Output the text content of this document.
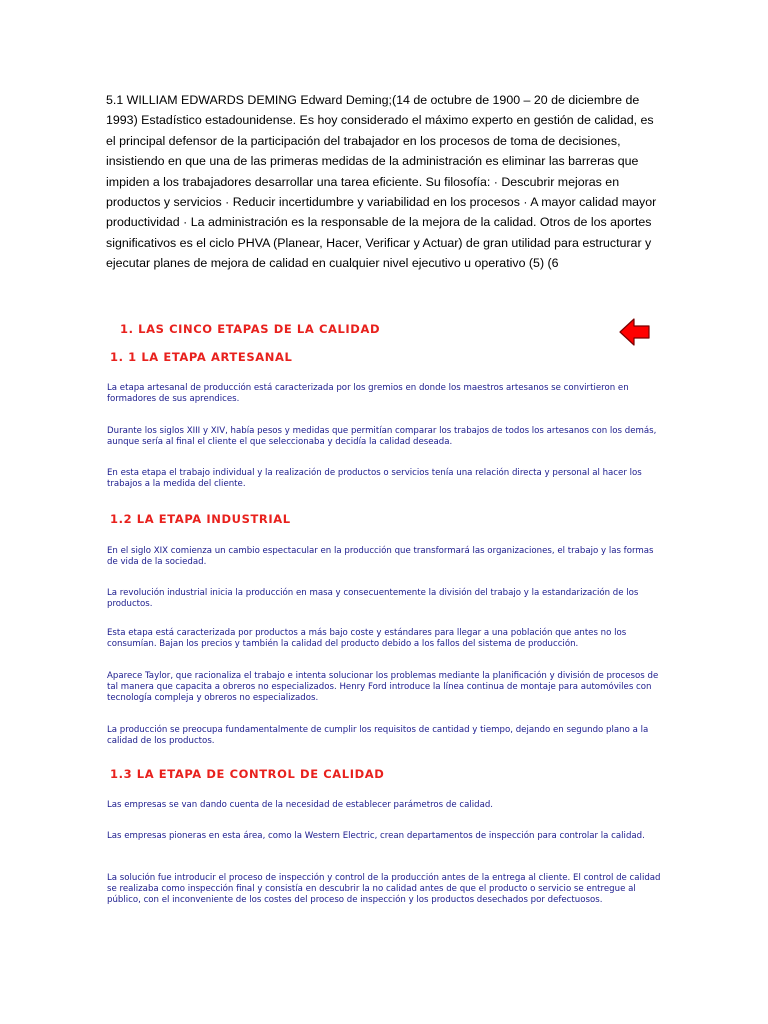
5.1 WILLIAM EDWARDS DEMING Edward Deming;(14 de octubre de 1900 – 20 de diciembre de 1993) Estadístico estadounidense. Es hoy considerado el máximo experto en gestión de calidad, es el principal defensor de la participación del trabajador en los procesos de toma de decisiones, insistiendo en que una de las primeras medidas de la administración es eliminar las barreras que impiden a los trabajadores desarrollar una tarea eficiente. Su filosofía: · Descubrir mejoras en productos y servicios · Reducir incertidumbre y variabilidad en los procesos · A mayor calidad mayor productividad · La administración es la responsable de la mejora de la calidad. Otros de los aportes significativos es el ciclo PHVA (Planear, Hacer, Verificar y Actuar) de gran utilidad para estructurar y ejecutar planes de mejora de calidad en cualquier nivel ejecutivo u operativo (5) (6

1. LAS CINCO ETAPAS DE LA CALIDAD
1. 1 LA ETAPA ARTESANAL

La etapa artesanal de producción está caracterizada por los gremios en donde los maestros artesanos se convirtieron en formadores de sus aprendices.

Durante los siglos XIII y XIV, había pesos y medidas que permitían comparar los trabajos de todos los artesanos con los demás, aunque sería al final el cliente el que seleccionaba y decidía la calidad deseada.

En esta etapa el trabajo individual y la realización de productos o servicios tenía una relación directa y personal al hacer los trabajos a la medida del cliente.

1.2 LA ETAPA INDUSTRIAL

En el siglo XIX comienza un cambio espectacular en la producción que transformará las organizaciones, el trabajo y las formas de vida de la sociedad.

La revolución industrial inicia la producción en masa y consecuentemente la división del trabajo y la estandarización de los productos.

Esta etapa está caracterizada por productos a más bajo coste y estándares para llegar a una población que antes no los consumían. Bajan los precios y también la calidad del producto debido a los fallos del sistema de producción.

Aparece Taylor, que racionaliza el trabajo e intenta solucionar los problemas mediante la planificación y división de procesos de tal manera que capacita a obreros no especializados. Henry Ford introduce la línea continua de montaje para automóviles con tecnología compleja y obreros no especializados.

La producción se preocupa fundamentalmente de cumplir los requisitos de cantidad y tiempo, dejando en segundo plano a la calidad de los productos.

1.3 LA ETAPA DE CONTROL DE CALIDAD

Las empresas se van dando cuenta de la necesidad de establecer parámetros de calidad.

Las empresas pioneras en esta área, como la Western Electric, crean departamentos de inspección para controlar la calidad.

La solución fue introducir el proceso de inspección y control de la producción antes de la entrega al cliente. El control de calidad se realizaba como inspección final y consistía en descubrir la no calidad antes de que el producto o servicio se entregue al público, con el inconveniente de los costes del proceso de inspección y los productos desechados por defectuosos.
